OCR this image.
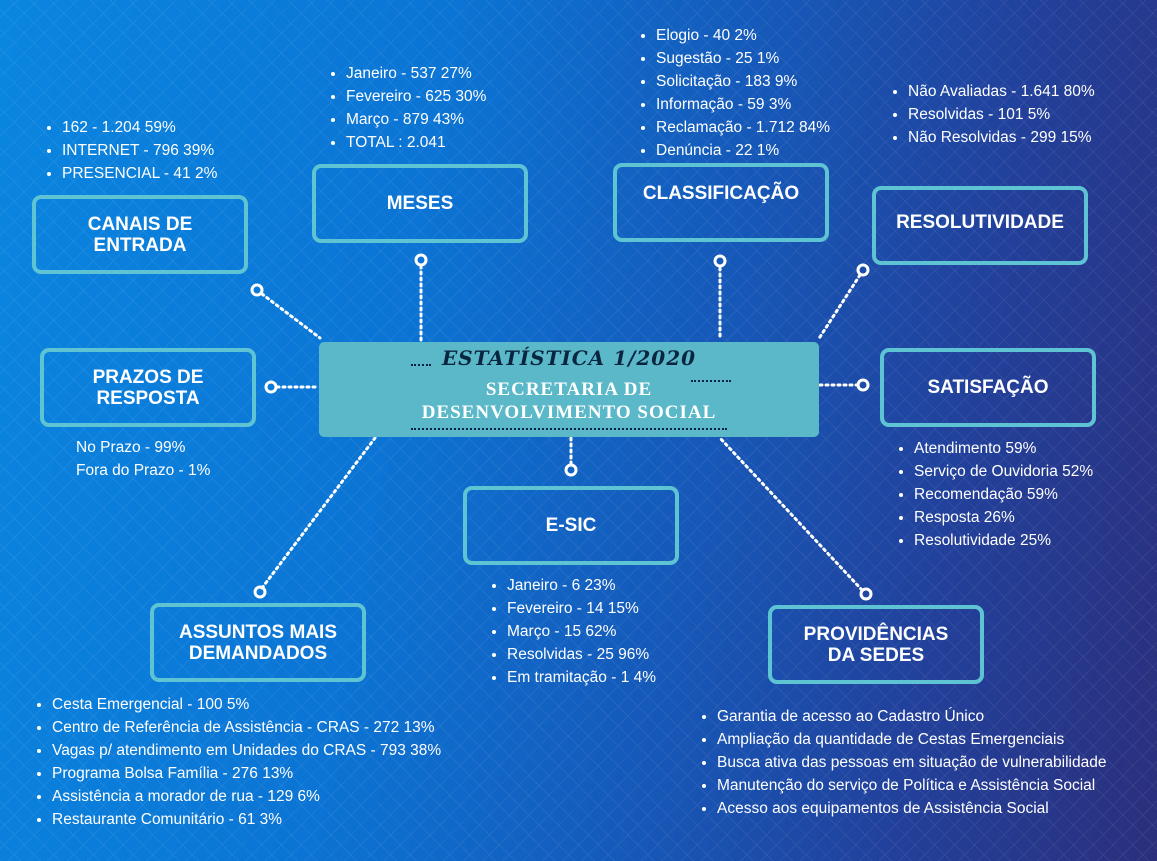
ESTATÍSTICA 1/2020
SECRETARIA DE
DESENVOLVIMENTO SOCIAL
• 162 - 1.204 59%
• INTERNET - 796 39%
• PRESENCIAL - 41 2%
CANAIS DE
ENTRADA
• Janeiro - 537 27%
• Fevereiro - 625 30%
• Março - 879 43%
• TOTAL : 2.041
MESES
• Elogio - 40 2%
• Sugestão - 25 1%
• Solicitação - 183 9%
• Informação - 59 3%
• Reclamação - 1.712 84%
• Denúncia - 22 1%
CLASSIFICAÇÃO
• Não Avaliadas - 1.641 80%
• Resolvidas - 101 5%
• Não Resolvidas - 299 15%
RESOLUTIVIDADE
PRAZOS DE
RESPOSTA
No Prazo - 99%
Fora do Prazo - 1%
SATISFAÇÃO
• Atendimento 59%
• Serviço de Ouvidoria 52%
• Recomendação 59%
• Resposta 26%
• Resolutividade 25%
E-SIC
• Janeiro - 6 23%
• Fevereiro - 14 15%
• Março - 15 62%
• Resolvidas - 25 96%
• Em tramitação - 1 4%
ASSUNTOS MAIS
DEMANDADOS
• Cesta Emergencial - 100 5%
• Centro de Referência de Assistência - CRAS - 272 13%
• Vagas p/ atendimento em Unidades do CRAS - 793 38%
• Programa Bolsa Família - 276 13%
• Assistência a morador de rua - 129 6%
• Restaurante Comunitário - 61 3%
PROVIDÊNCIAS
DA SEDES
• Garantia de acesso ao Cadastro Único
• Ampliação da quantidade de Cestas Emergenciais
• Busca ativa das pessoas em situação de vulnerabilidade
• Manutenção do serviço de Política e Assistência Social
• Acesso aos equipamentos de Assistência Social
